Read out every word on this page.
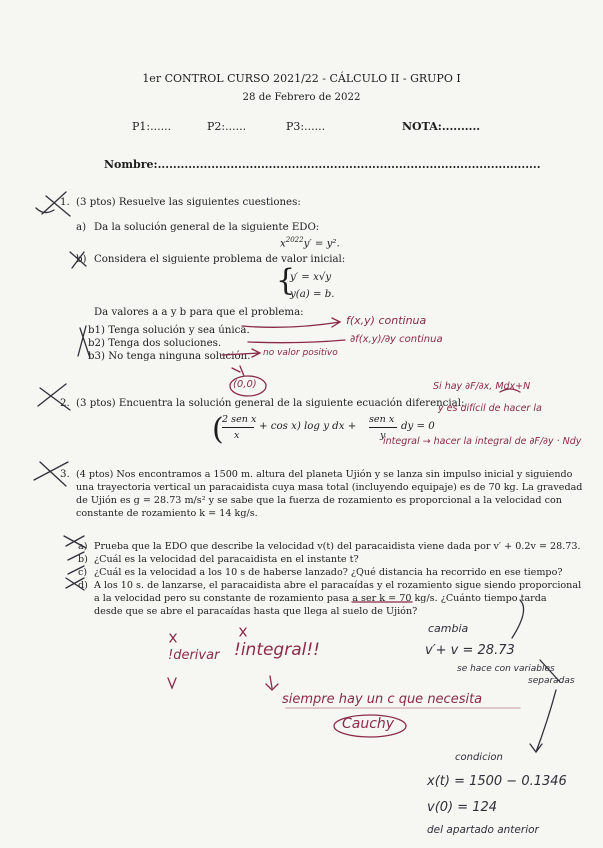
1er CONTROL CURSO 2021/22 - CÁLCULO II - GRUPO I
28 de Febrero de 2022
P1:......	P2:......	P3:......	NOTA:..........
Nombre:....................................................................................................
1. (3 ptos) Resuelve las siguientes cuestiones:
a) Da la solución general de la siguiente EDO:
$x^{2022}y' = y^2$.
b) Considera el siguiente problema de valor inicial:
{
y′ = x√y
y(a) = b.
Da valores a a y b para que el problema:
b1) Tenga solución y sea única.
b2) Tenga dos soluciones.
b3) No tenga ninguna solución.
2. (3 ptos) Encuentra la solución general de la siguiente ecuación diferencial:
(
2 sen x
x
+ cos x) log y dx +
sen x
y
dy = 0
3. (4 ptos) Nos encontramos a 1500 m. altura del planeta Ujión y se lanza sin impulso inicial y siguiendo
una trayectoria vertical un paracaidista cuya masa total (incluyendo equipaje) es de 70 kg. La gravedad
de Ujión es g = 28.73 m/s² y se sabe que la fuerza de rozamiento es proporcional a la velocidad con
constante de rozamiento k = 14 kg/s.
a) Prueba que la EDO que describe la velocidad v(t) del paracaidista viene dada por v′ + 0.2v = 28.73.
b) ¿Cuál es la velocidad del paracaidista en el instante t?
c) ¿Cuál es la velocidad a los 10 s de haberse lanzado? ¿Qué distancia ha recorrido en ese tiempo?
d) A los 10 s. de lanzarse, el paracaidista abre el paracaídas y el rozamiento sigue siendo proporcional
a la velocidad pero su constante de rozamiento pasa a ser k = 70 kg/s. ¿Cuánto tiempo tarda
desde que se abre el paracaídas hasta que llega al suelo de Ujión?
f(x,y) continua
∂f(x,y)/∂y continua
no valor positivo
(0,0)	Si hay ∂F/∂x, Mdx+N
y es difícil de hacer la
integral → hacer la integral de ∂F/∂y · Ndy
!derivar !integral!!
siempre hay un c que necesita
Cauchy
cambia
v′+ v = 28.73
se hace con variables
separadas
condicion
x(t) = 1500 − 0.1346
v(0) = 124
del apartado anterior
